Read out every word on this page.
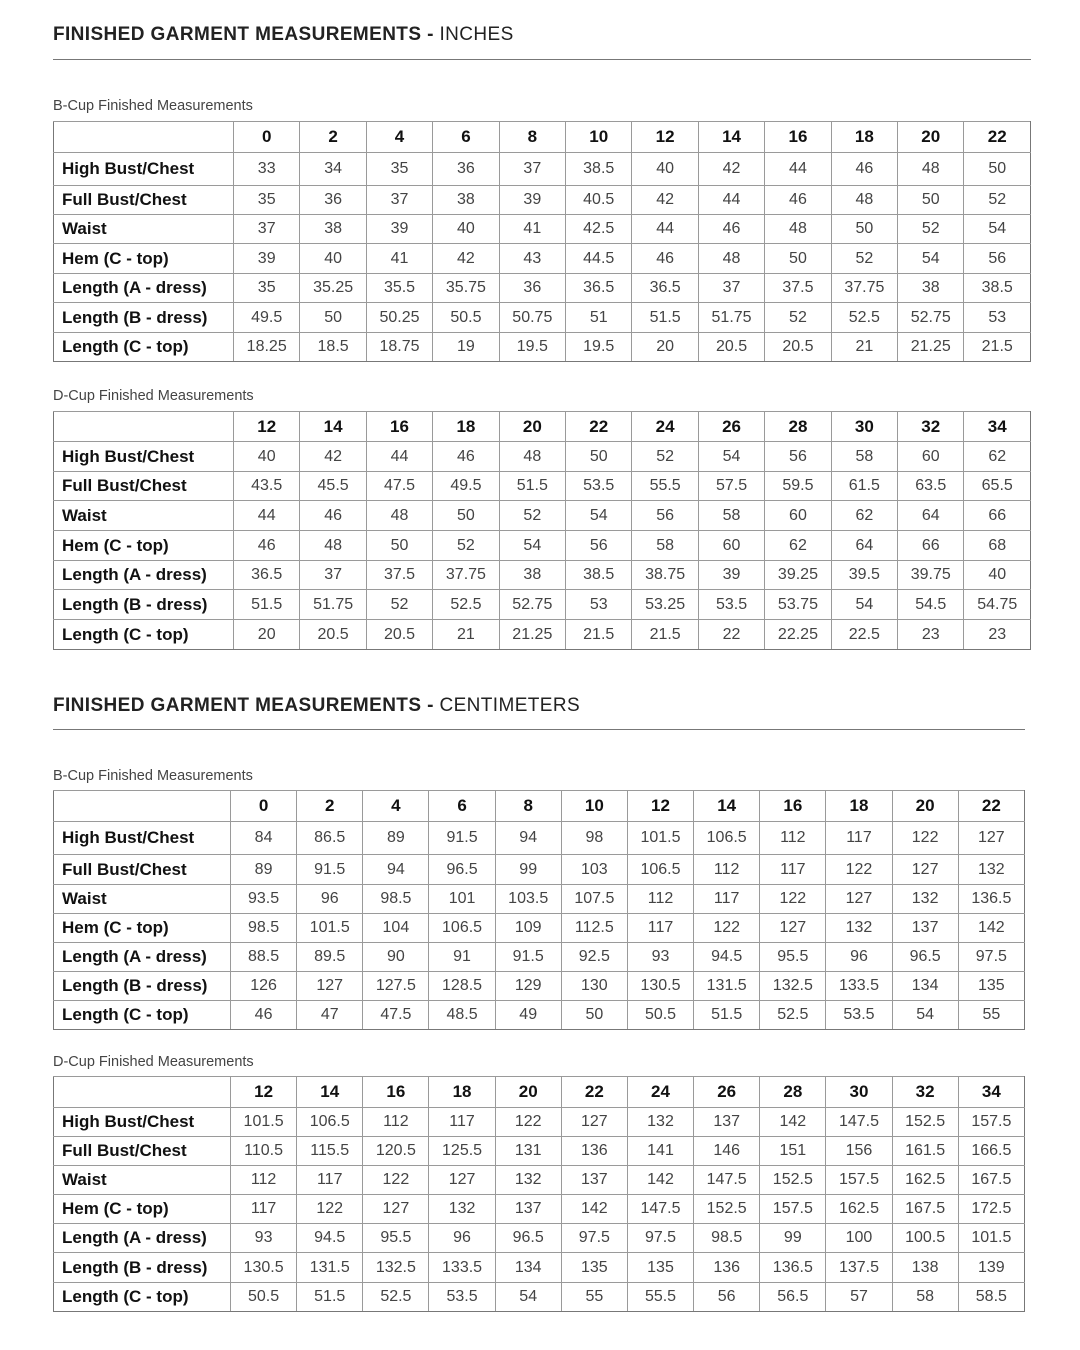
FINISHED GARMENT MEASUREMENTS - INCHES
B-Cup Finished Measurements
	0	2	4	6	8	10	12	14	16	18	20	22
High Bust/Chest	33	34	35	36	37	38.5	40	42	44	46	48	50
Full Bust/Chest	35	36	37	38	39	40.5	42	44	46	48	50	52
Waist	37	38	39	40	41	42.5	44	46	48	50	52	54
Hem (C - top)	39	40	41	42	43	44.5	46	48	50	52	54	56
Length (A - dress)	35	35.25	35.5	35.75	36	36.5	36.5	37	37.5	37.75	38	38.5
Length (B - dress)	49.5	50	50.25	50.5	50.75	51	51.5	51.75	52	52.5	52.75	53
Length (C - top)	18.25	18.5	18.75	19	19.5	19.5	20	20.5	20.5	21	21.25	21.5
D-Cup Finished Measurements
	12	14	16	18	20	22	24	26	28	30	32	34
High Bust/Chest	40	42	44	46	48	50	52	54	56	58	60	62
Full Bust/Chest	43.5	45.5	47.5	49.5	51.5	53.5	55.5	57.5	59.5	61.5	63.5	65.5
Waist	44	46	48	50	52	54	56	58	60	62	64	66
Hem (C - top)	46	48	50	52	54	56	58	60	62	64	66	68
Length (A - dress)	36.5	37	37.5	37.75	38	38.5	38.75	39	39.25	39.5	39.75	40
Length (B - dress)	51.5	51.75	52	52.5	52.75	53	53.25	53.5	53.75	54	54.5	54.75
Length (C - top)	20	20.5	20.5	21	21.25	21.5	21.5	22	22.25	22.5	23	23
FINISHED GARMENT MEASUREMENTS - CENTIMETERS
B-Cup Finished Measurements
	0	2	4	6	8	10	12	14	16	18	20	22
High Bust/Chest	84	86.5	89	91.5	94	98	101.5	106.5	112	117	122	127
Full Bust/Chest	89	91.5	94	96.5	99	103	106.5	112	117	122	127	132
Waist	93.5	96	98.5	101	103.5	107.5	112	117	122	127	132	136.5
Hem (C - top)	98.5	101.5	104	106.5	109	112.5	117	122	127	132	137	142
Length (A - dress)	88.5	89.5	90	91	91.5	92.5	93	94.5	95.5	96	96.5	97.5
Length (B - dress)	126	127	127.5	128.5	129	130	130.5	131.5	132.5	133.5	134	135
Length (C - top)	46	47	47.5	48.5	49	50	50.5	51.5	52.5	53.5	54	55
D-Cup Finished Measurements
	12	14	16	18	20	22	24	26	28	30	32	34
High Bust/Chest	101.5	106.5	112	117	122	127	132	137	142	147.5	152.5	157.5
Full Bust/Chest	110.5	115.5	120.5	125.5	131	136	141	146	151	156	161.5	166.5
Waist	112	117	122	127	132	137	142	147.5	152.5	157.5	162.5	167.5
Hem (C - top)	117	122	127	132	137	142	147.5	152.5	157.5	162.5	167.5	172.5
Length (A - dress)	93	94.5	95.5	96	96.5	97.5	97.5	98.5	99	100	100.5	101.5
Length (B - dress)	130.5	131.5	132.5	133.5	134	135	135	136	136.5	137.5	138	139
Length (C - top)	50.5	51.5	52.5	53.5	54	55	55.5	56	56.5	57	58	58.5
